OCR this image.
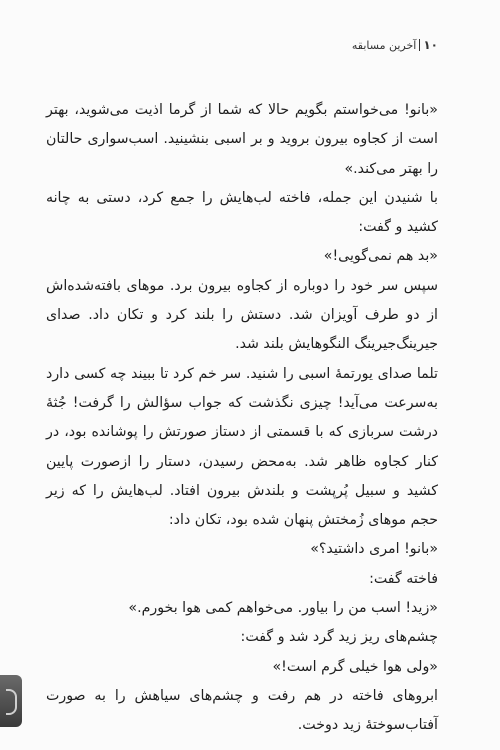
۱۰
آخرین مسابقه

«بانو! می‌خواستم بگویم حالا که شما از گرما اذیت می‌شوید، بهتر است از کجاوه بیرون بروید و بر اسبی بنشینید. اسب‌سواری حالتان را بهتر می‌کند.»

با شنیدن این جمله، فاخته لب‌هایش را جمع کرد، دستی به چانه کشید و گفت:

«بد هم نمی‌گویی!»

سپس سر خود را دوباره از کجاوه بیرون برد. موهای بافته‌شده‌اش از دو طرف آویزان شد. دستش را بلند کرد و تکان داد. صدای جیرینگ‌جیرینگ النگوهایش بلند شد.

تلما صدای یورتمهٔ اسبی را شنید. سر خم کرد تا ببیند چه کسی دارد به‌سرعت می‌آید! چیزی نگذشت که جواب سؤالش را گرفت! جُثهٔ درشت سربازی که با قسمتی از دستاز صورتش را پوشانده بود، در کنار کجاوه ظاهر شد. به‌محض رسیدن، دستار را ازصورت پایین کشید و سبیل پُرپشت و بلندش بیرون افتاد. لب‌هایش را که زیر حجم موهای زُمختش پنهان شده بود، تکان داد:

«بانو! امری داشتید؟»

فاخته گفت:

«زید! اسب من را بیاور. می‌خواهم کمی هوا بخورم.»

چشم‌های ریز زید گرد شد و گفت:

«ولی هوا خیلی گرم است!»

ابروهای فاخته در هم رفت و چشم‌های سیاهش را به صورت آفتاب‌سوختهٔ زید دوخت.
